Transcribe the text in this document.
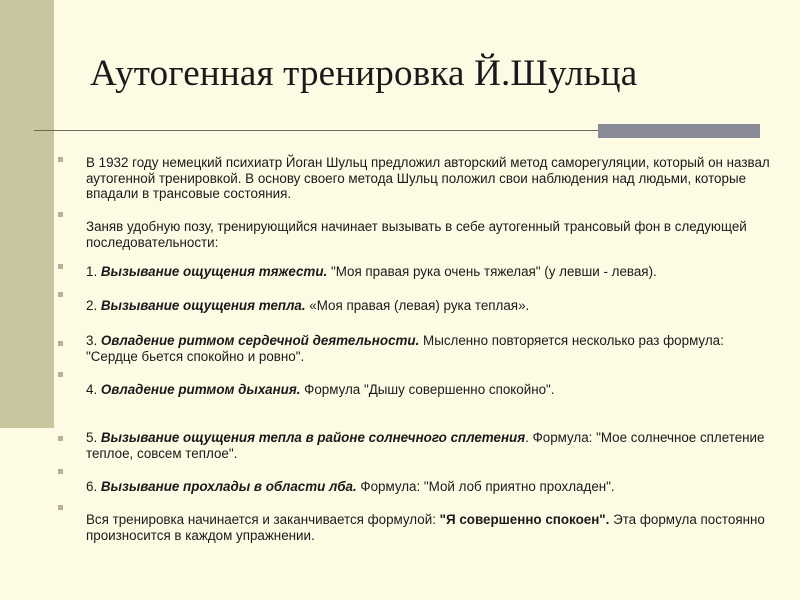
Аутогенная тренировка Й.Шульца
В 1932 году немецкий психиатр Йоган Шульц предложил авторский метод саморегуляции, который он назвал аутогенной тренировкой. В основу своего метода Шульц положил свои наблюдения над людьми, которые впадали в трансовые состояния.
Заняв удобную позу, тренирующийся начинает вызывать в себе аутогенный трансовый фон в следующей последовательности:
1. Вызывание ощущения тяжести. "Моя правая рука очень тяжелая" (у левши - левая).
2. Вызывание ощущения тепла. «Моя правая (левая) рука теплая».
3. Овладение ритмом сердечной деятельности. Мысленно повторяется несколько раз формула: "Сердце бьется спокойно и ровно".
4. Овладение ритмом дыхания. Формула "Дышу совершенно спокойно".
5. Вызывание ощущения тепла в районе солнечного сплетения. Формула: "Мое солнечное сплетение теплое, совсем теплое".
6. Вызывание прохлады в области лба. Формула: "Мой лоб приятно прохладен".
Вся тренировка начинается и заканчивается формулой: "Я совершенно спокоен". Эта формула постоянно произносится в каждом упражнении.
